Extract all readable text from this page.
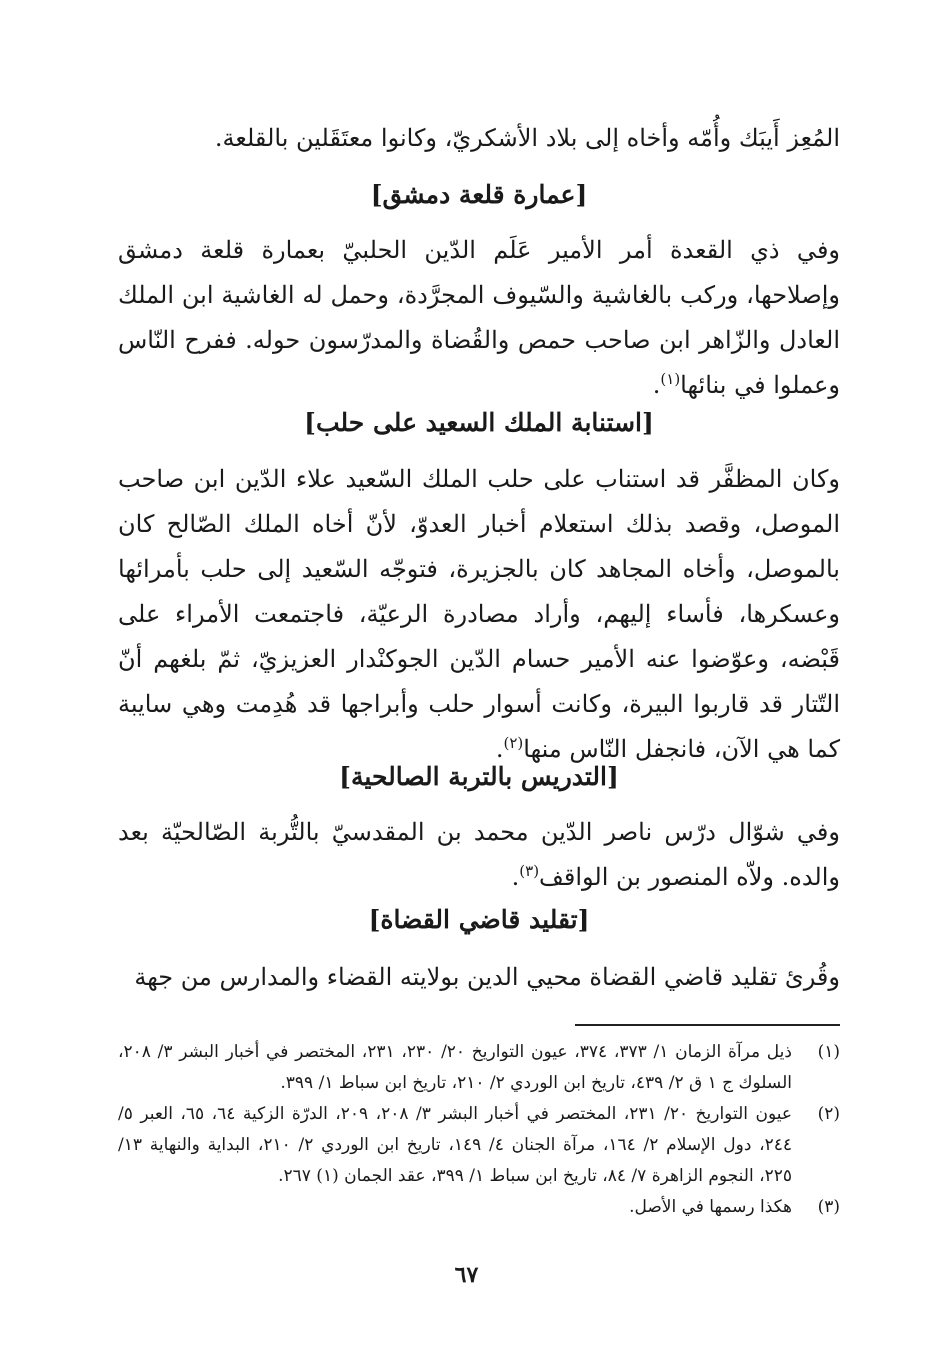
المُعِز أَيبَك وأُمّه وأخاه إلى بلاد الأشكريّ، وكانوا معتَقَلين بالقلعة.

[عمارة قلعة دمشق]

وفي ذي القعدة أمر الأمير عَلَم الدّين الحلبيّ بعمارة قلعة دمشق وإصلاحها، وركب بالغاشية والسّيوف المجرَّدة، وحمل له الغاشية ابن الملك العادل والزّاهر ابن صاحب حمص والقُضاة والمدرّسون حوله. ففرح النّاس وعملوا في بنائها$^{(١)}$.

[استنابة الملك السعيد على حلب]

وكان المظفَّر قد استناب على حلب الملك السّعيد علاء الدّين ابن صاحب الموصل، وقصد بذلك استعلام أخبار العدوّ، لأنّ أخاه الملك الصّالح كان بالموصل، وأخاه المجاهد كان بالجزيرة، فتوجّه السّعيد إلى حلب بأمرائها وعسكرها، فأساء إليهم، وأراد مصادرة الرعيّة، فاجتمعت الأمراء على قَبْضه، وعوّضوا عنه الأمير حسام الدّين الجوكنْدار العزيزيّ، ثمّ بلغهم أنّ التّتار قد قاربوا البيرة، وكانت أسوار حلب وأبراجها قد هُدِمت وهي سايبة كما هي الآن، فانجفل النّاس منها$^{(٢)}$.

[التدريس بالتربة الصالحية]

وفي شوّال درّس ناصر الدّين محمد بن المقدسيّ بالتُّربة الصّالحيّة بعد والده. ولاّه المنصور بن الواقف$^{(٣)}$.

[تقليد قاضي القضاة]

وقُرئ تقليد قاضي القضاة محيي الدين بولايته القضاء والمدارس من جهة

(١)
ذيل مرآة الزمان ١/ ٣٧٣، ٣٧٤، عيون التواريخ ٢٠/ ٢٣٠، ٢٣١، المختصر في أخبار البشر ٣/ ٢٠٨، السلوك ج ١ ق ٢/ ٤٣٩، تاريخ ابن الوردي ٢/ ٢١٠، تاريخ ابن سباط ١/ ٣٩٩.
(٢)
عيون التواريخ ٢٠/ ٢٣١، المختصر في أخبار البشر ٣/ ٢٠٨، ٢٠٩، الدرّة الزكية ٦٤، ٦٥، العبر ٥/ ٢٤٤، دول الإسلام ٢/ ١٦٤، مرآة الجنان ٤/ ١٤٩، تاريخ ابن الوردي ٢/ ٢١٠، البداية والنهاية ١٣/ ٢٢٥، النجوم الزاهرة ٧/ ٨٤، تاريخ ابن سباط ١/ ٣٩٩، عقد الجمان (١) ٢٦٧.
(٣)
هكذا رسمها في الأصل.
٦٧
